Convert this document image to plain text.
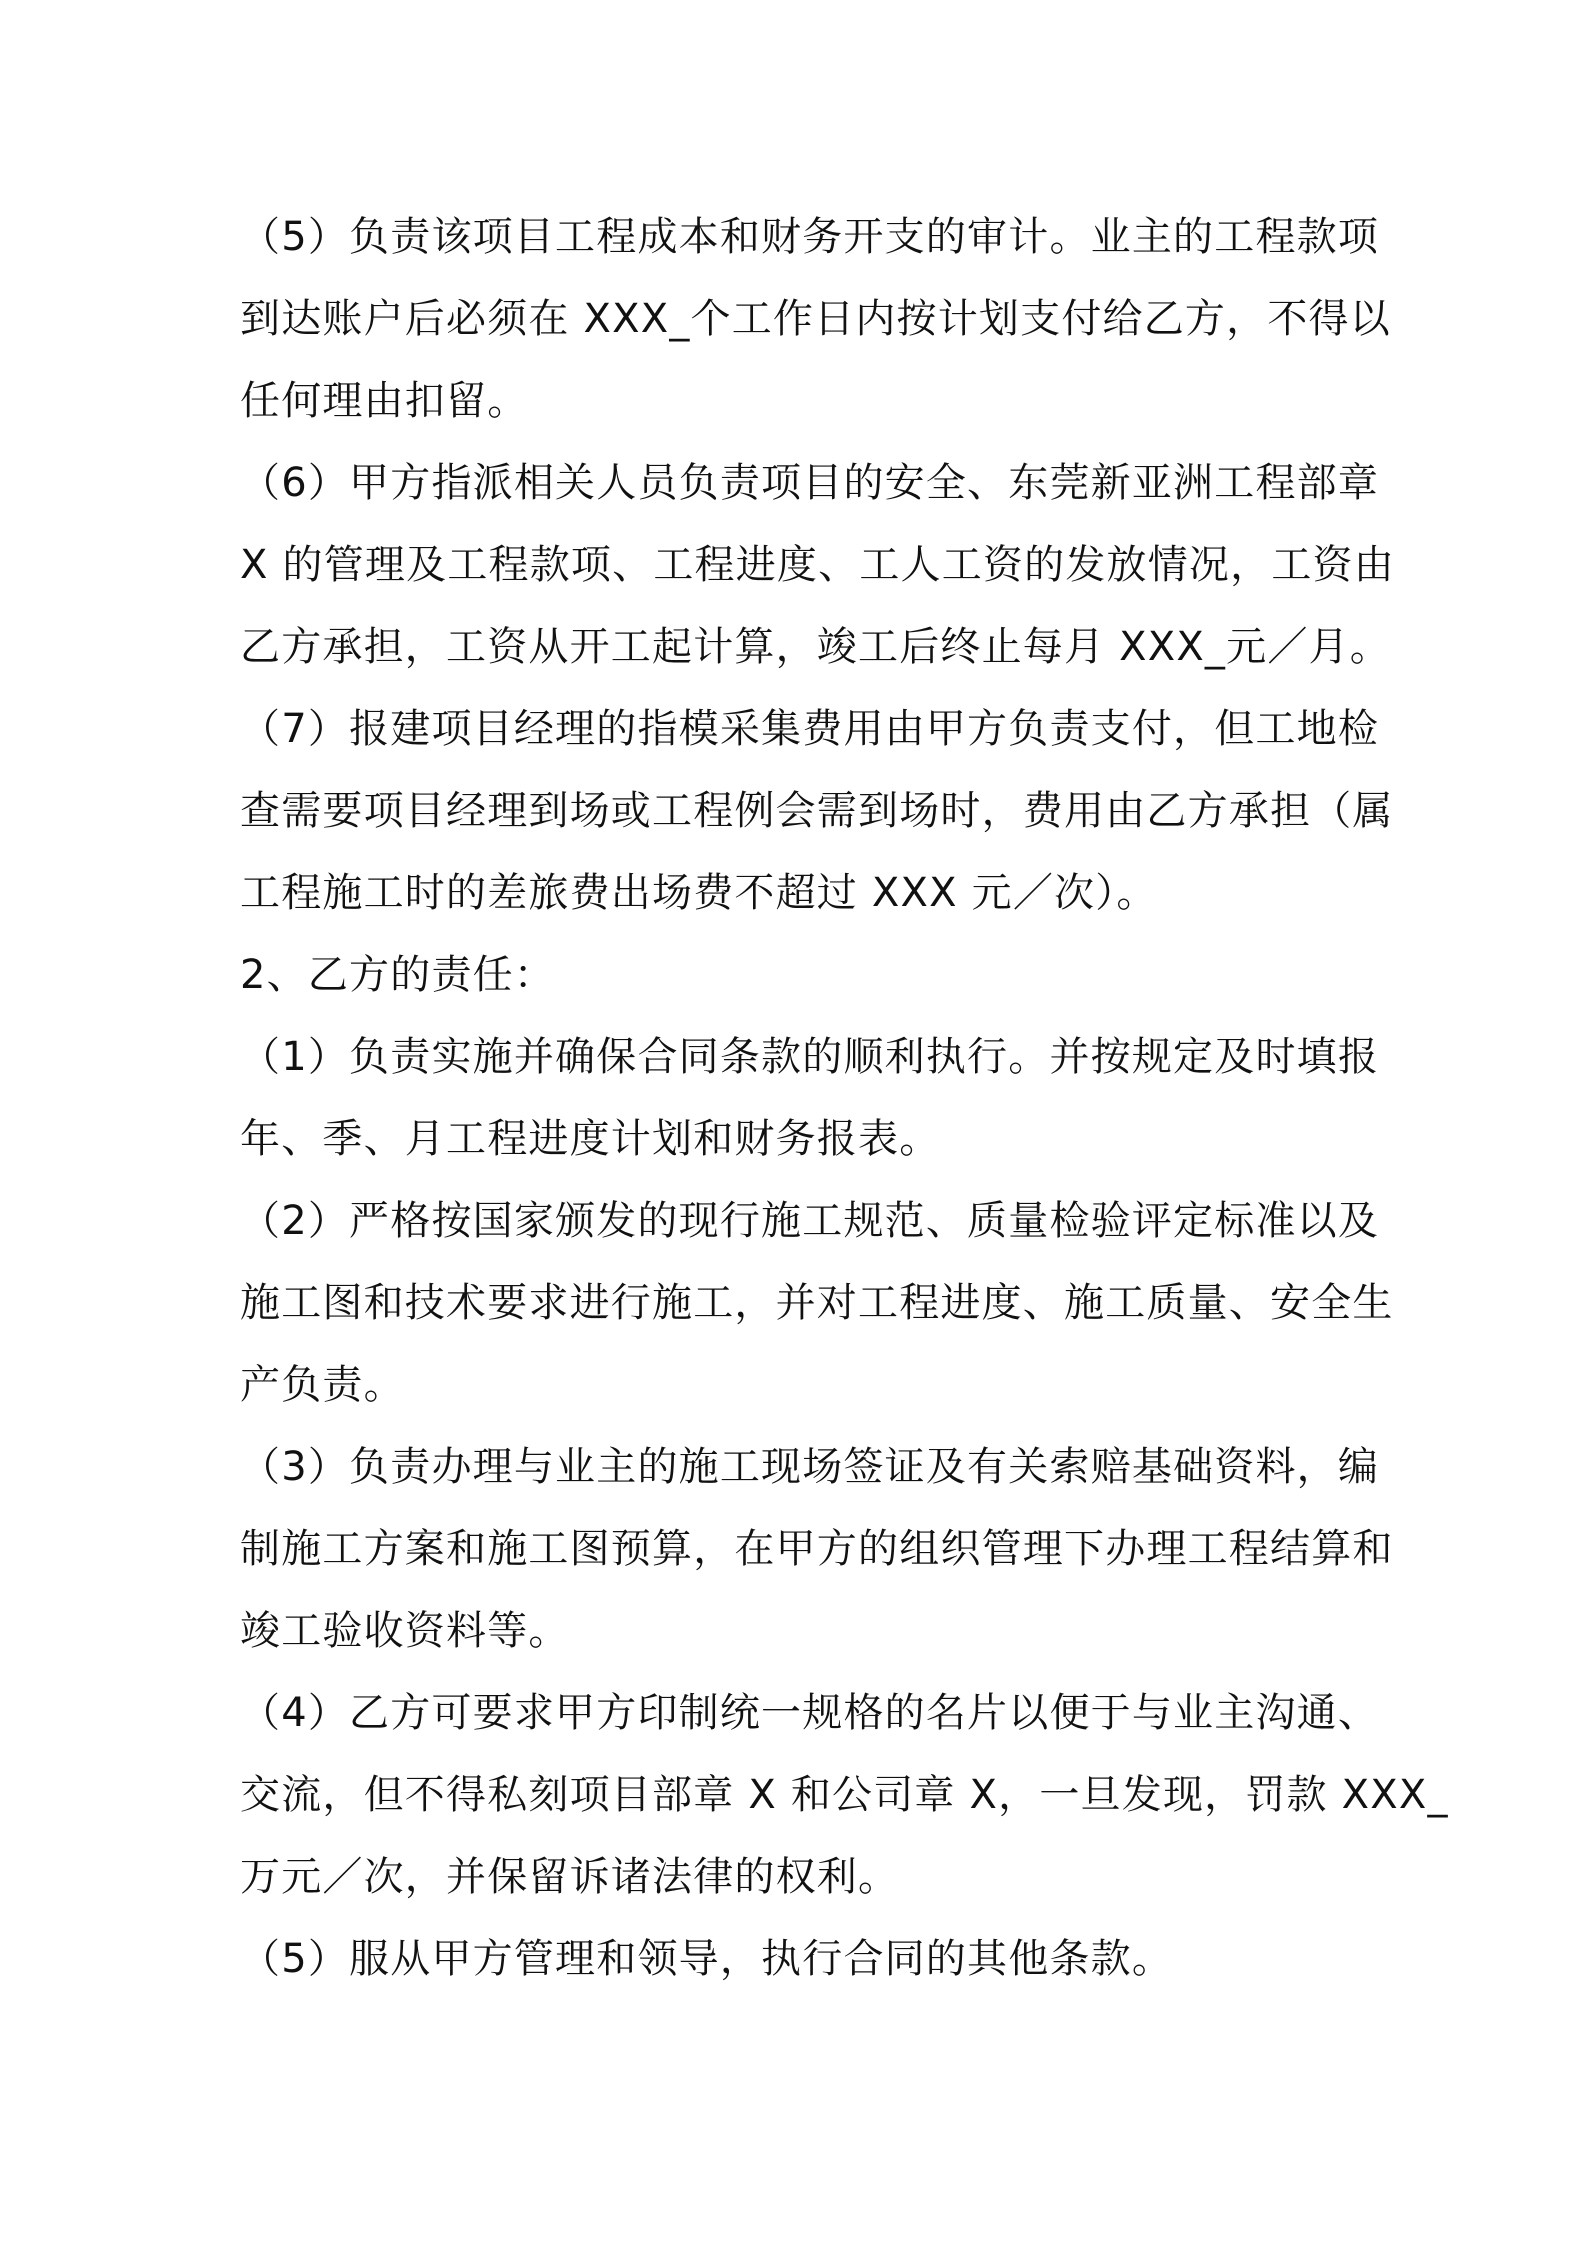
（5）负责该项目工程成本和财务开支的审计。业主的工程款项
到达账户后必须在 XXX_个工作日内按计划支付给乙方，不得以
任何理由扣留。
（6）甲方指派相关人员负责项目的安全、东莞新亚洲工程部章
X 的管理及工程款项、工程进度、工人工资的发放情况，工资由
乙方承担，工资从开工起计算，竣工后终止每月 XXX_元／月。
（7）报建项目经理的指模采集费用由甲方负责支付，但工地检
查需要项目经理到场或工程例会需到场时，费用由乙方承担（属
工程施工时的差旅费出场费不超过 XXX 元／次）。
2、乙方的责任：
（1）负责实施并确保合同条款的顺利执行。并按规定及时填报
年、季、月工程进度计划和财务报表。
（2）严格按国家颁发的现行施工规范、质量检验评定标准以及
施工图和技术要求进行施工，并对工程进度、施工质量、安全生
产负责。
（3）负责办理与业主的施工现场签证及有关索赔基础资料，编
制施工方案和施工图预算，在甲方的组织管理下办理工程结算和
竣工验收资料等。
（4）乙方可要求甲方印制统一规格的名片以便于与业主沟通、
交流，但不得私刻项目部章 X 和公司章 X，一旦发现，罚款 XXX_
万元／次，并保留诉诸法律的权利。
（5）服从甲方管理和领导，执行合同的其他条款。
